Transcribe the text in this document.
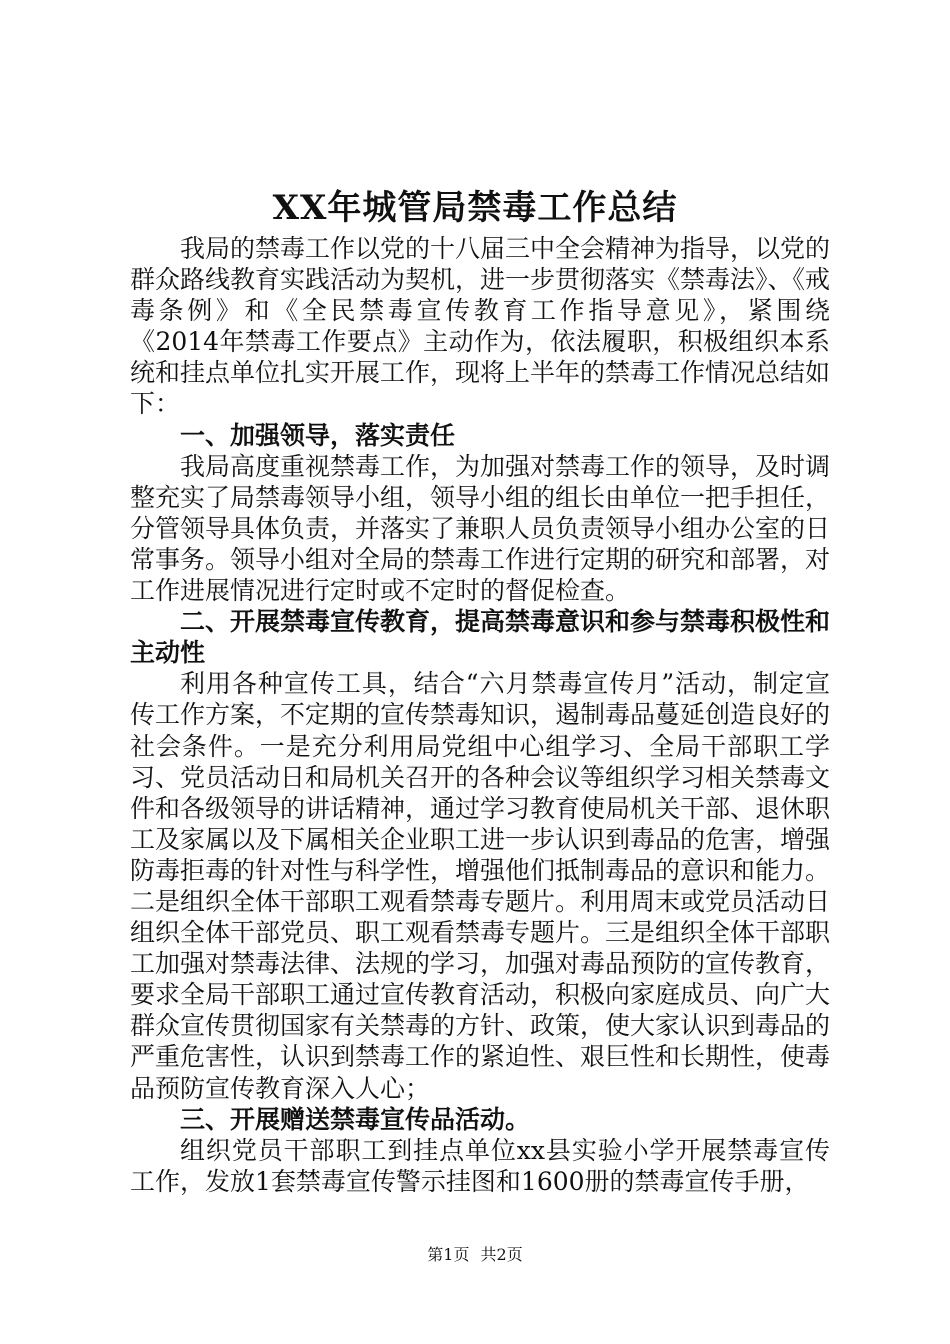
XX年城管局禁毒工作总结

我局的禁毒工作以党的十八届三中全会精神为指导，以党的群众路线教育实践活动为契机，进一步贯彻落实《禁毒法》、《戒毒条例》和《全民禁毒宣传教育工作指导意见》，紧围绕《2014年禁毒工作要点》主动作为，依法履职，积极组织本系统和挂点单位扎实开展工作，现将上半年的禁毒工作情况总结如下：

一、加强领导，落实责任

我局高度重视禁毒工作，为加强对禁毒工作的领导，及时调整充实了局禁毒领导小组，领导小组的组长由单位一把手担任，分管领导具体负责，并落实了兼职人员负责领导小组办公室的日常事务。领导小组对全局的禁毒工作进行定期的研究和部署，对工作进展情况进行定时或不定时的督促检查。

二、开展禁毒宣传教育，提高禁毒意识和参与禁毒积极性和主动性

利用各种宣传工具，结合“六月禁毒宣传月”活动，制定宣传工作方案，不定期的宣传禁毒知识，遏制毒品蔓延创造良好的社会条件。一是充分利用局党组中心组学习、全局干部职工学习、党员活动日和局机关召开的各种会议等组织学习相关禁毒文件和各级领导的讲话精神，通过学习教育使局机关干部、退休职工及家属以及下属相关企业职工进一步认识到毒品的危害，增强防毒拒毒的针对性与科学性，增强他们抵制毒品的意识和能力。二是组织全体干部职工观看禁毒专题片。利用周末或党员活动日组织全体干部党员、职工观看禁毒专题片。三是组织全体干部职工加强对禁毒法律、法规的学习，加强对毒品预防的宣传教育，要求全局干部职工通过宣传教育活动，积极向家庭成员、向广大群众宣传贯彻国家有关禁毒的方针、政策，使大家认识到毒品的严重危害性，认识到禁毒工作的紧迫性、艰巨性和长期性，使毒品预防宣传教育深入人心；

三、开展赠送禁毒宣传品活动。

组织党员干部职工到挂点单位xx县实验小学开展禁毒宣传工作，发放1套禁毒宣传警示挂图和1600册的禁毒宣传手册，

第1页 共2页
